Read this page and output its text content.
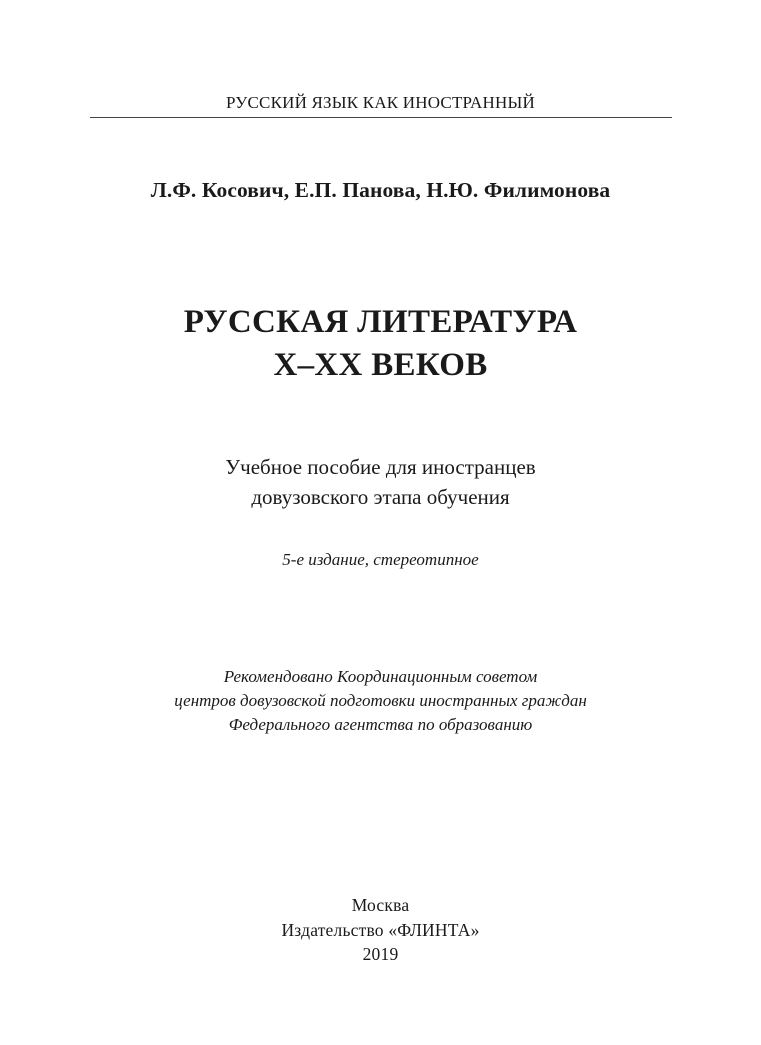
РУССКИЙ ЯЗЫК КАК ИНОСТРАННЫЙ
Л.Ф. Косович, Е.П. Панова, Н.Ю. Филимонова
РУССКАЯ ЛИТЕРАТУРА
X–XX ВЕКОВ
Учебное пособие для иностранцев
довузовского этапа обучения
5-е издание, стереотипное
Рекомендовано Координационным советом
центров довузовской подготовки иностранных граждан
Федерального агентства по образованию
Москва
Издательство «ФЛИНТА»
2019
